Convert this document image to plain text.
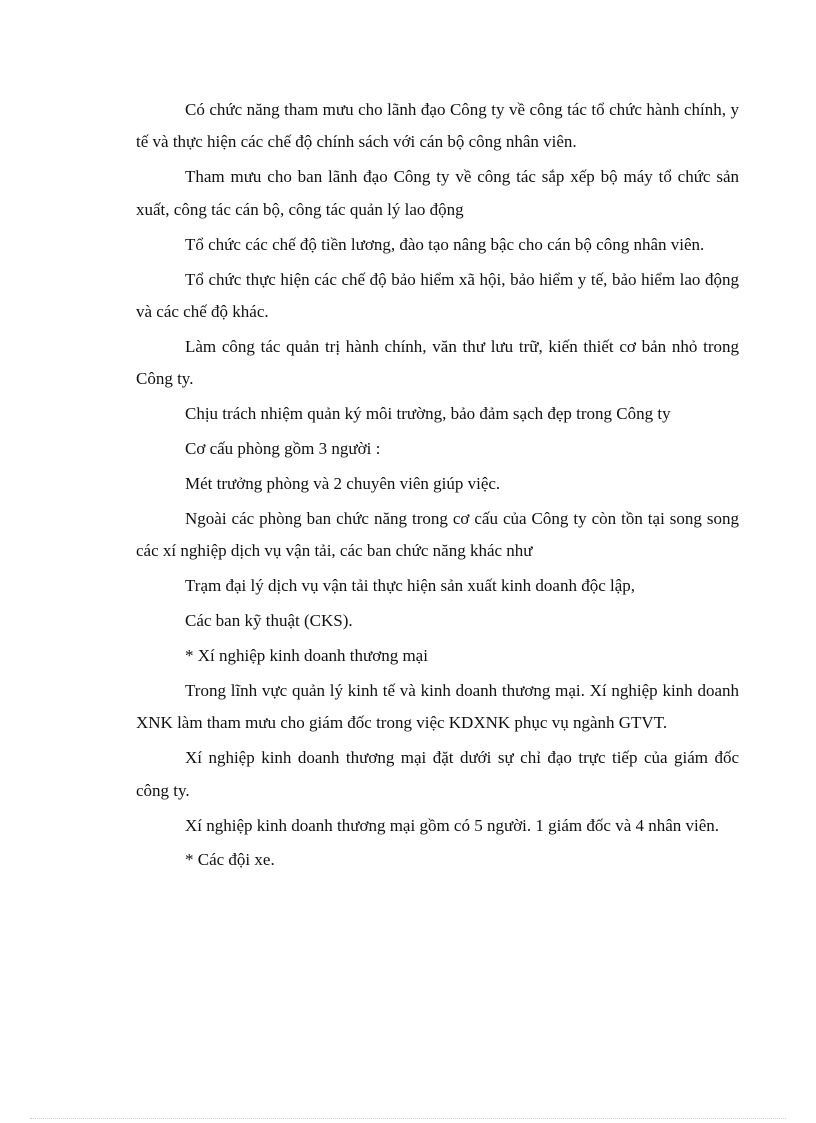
Có chức năng tham mưu cho lãnh đạo Công ty về công tác tổ chức hành chính, y tế và thực hiện các chế độ chính sách với cán bộ công nhân viên.

Tham mưu cho ban lãnh đạo Công ty về công tác sắp xếp bộ máy tổ chức sản xuất, công tác cán bộ, công tác quản lý lao động

Tổ chức các chế độ tiền lương, đào tạo nâng bậc cho cán bộ công nhân viên.

Tổ chức thực hiện các chế độ bảo hiểm xã hội, bảo hiểm y tế, bảo hiểm lao động và các chế độ khác.

Làm công tác quản trị hành chính, văn thư lưu trữ, kiến thiết cơ bản nhỏ trong Công ty.

Chịu trách nhiệm quản ký môi trường, bảo đảm sạch đẹp trong Công ty

Cơ cấu phòng gồm 3 người :

Mét trưởng phòng và 2 chuyên viên giúp việc.

Ngoài các phòng ban chức năng trong cơ cấu của Công ty còn tồn tại song song các xí nghiệp dịch vụ vận tải, các ban chức năng khác như

Trạm đại lý dịch vụ vận tải thực hiện sản xuất kinh doanh độc lập,

Các ban kỹ thuật (CKS).

* Xí nghiệp kinh doanh thương mại

Trong lĩnh vực quản lý kinh tế và kinh doanh thương mại. Xí nghiệp kinh doanh XNK làm tham mưu cho giám đốc trong việc KDXNK phục vụ ngành GTVT.

Xí nghiệp kinh doanh thương mại đặt dưới sự chỉ đạo trực tiếp của giám đốc công ty.

Xí nghiệp kinh doanh thương mại gồm có 5 người. 1 giám đốc và 4 nhân viên.

* Các đội xe.
